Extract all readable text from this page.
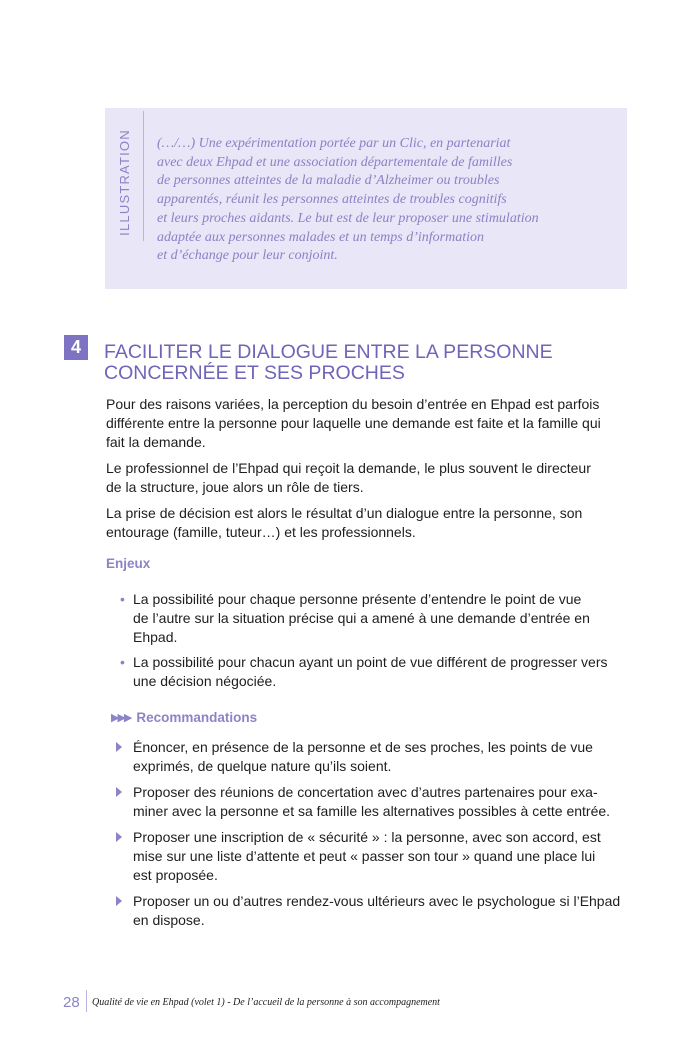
ILLUSTRATION (…/…) Une expérimentation portée par un Clic, en partenariat
avec deux Ehpad et une association départementale de familles
de personnes atteintes de la maladie d’Alzheimer ou troubles
apparentés, réunit les personnes atteintes de troubles cognitifs
et leurs proches aidants. Le but est de leur proposer une stimulation
adaptée aux personnes malades et un temps d’information
et d’échange pour leur conjoint.
4	FACILITER LE DIALOGUE ENTRE LA PERSONNE
CONCERNÉE ET SES PROCHES
Pour des raisons variées, la perception du besoin d’entrée en Ehpad est parfois
différente entre la personne pour laquelle une demande est faite et la famille qui
fait la demande.
Le professionnel de l’Ehpad qui reçoit la demande, le plus souvent le directeur
de la structure, joue alors un rôle de tiers.
La prise de décision est alors le résultat d’un dialogue entre la personne, son
entourage (famille, tuteur…) et les professionnels.
Enjeux
• La possibilité pour chaque personne présente d’entendre le point de vue
de l’autre sur la situation précise qui a amené à une demande d’entrée en
Ehpad.
• La possibilité pour chacun ayant un point de vue différent de progresser vers
une décision négociée.
▶▶▶ Recommandations
Énoncer, en présence de la personne et de ses proches, les points de vue
exprimés, de quelque nature qu’ils soient.
Proposer des réunions de concertation avec d’autres partenaires pour exa-
miner avec la personne et sa famille les alternatives possibles à cette entrée.
Proposer une inscription de « sécurité » : la personne, avec son accord, est
mise sur une liste d’attente et peut « passer son tour » quand une place lui
est proposée.
Proposer un ou d’autres rendez-vous ultérieurs avec le psychologue si l’Ehpad
en dispose.
28 Qualité de vie en Ehpad (volet 1) - De l’accueil de la personne à son accompagnement
